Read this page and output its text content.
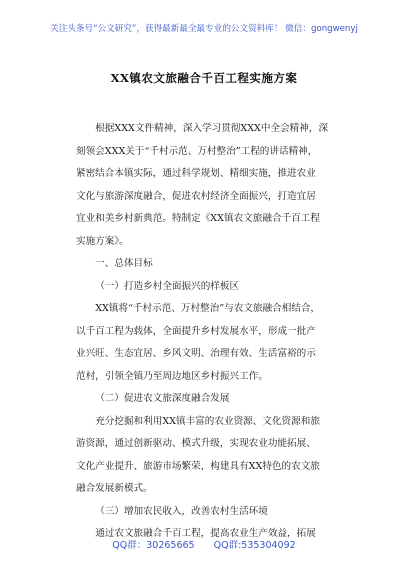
关注头条号“公文研究”，获得最新最全最专业的公文资料库！ 微信：gongwenyj
XX镇农文旅融合千百工程实施方案

根据XXX文件精神，深入学习贯彻XXX中全会精神，深
刻领会XXX关于“千村示范、万村整治”工程的讲话精神，
紧密结合本镇实际，通过科学规划、精细实施，推进农业
文化与旅游深度融合，促进农村经济全面振兴，打造宜居
宜业和美乡村新典范。特制定《XX镇农文旅融合千百工程
实施方案》。

一、总体目标

（一）打造乡村全面振兴的样板区

XX镇将“千村示范、万村整治”与农文旅融合相结合，
以千百工程为载体，全面提升乡村发展水平，形成一批产
业兴旺、生态宜居、乡风文明、治理有效、生活富裕的示
范村，引领全镇乃至周边地区乡村振兴工作。

（二）促进农文旅深度融合发展

充分挖掘和利用XX镇丰富的农业资源、文化资源和旅
游资源，通过创新驱动、模式升级，实现农业功能拓展、
文化产业提升、旅游市场繁荣，构建具有XX特色的农文旅
融合发展新模式。

（三）增加农民收入，改善农村生活环境

通过农文旅融合千百工程，提高农业生产效益，拓展

QQ群：30265665 QQ群:535304092
